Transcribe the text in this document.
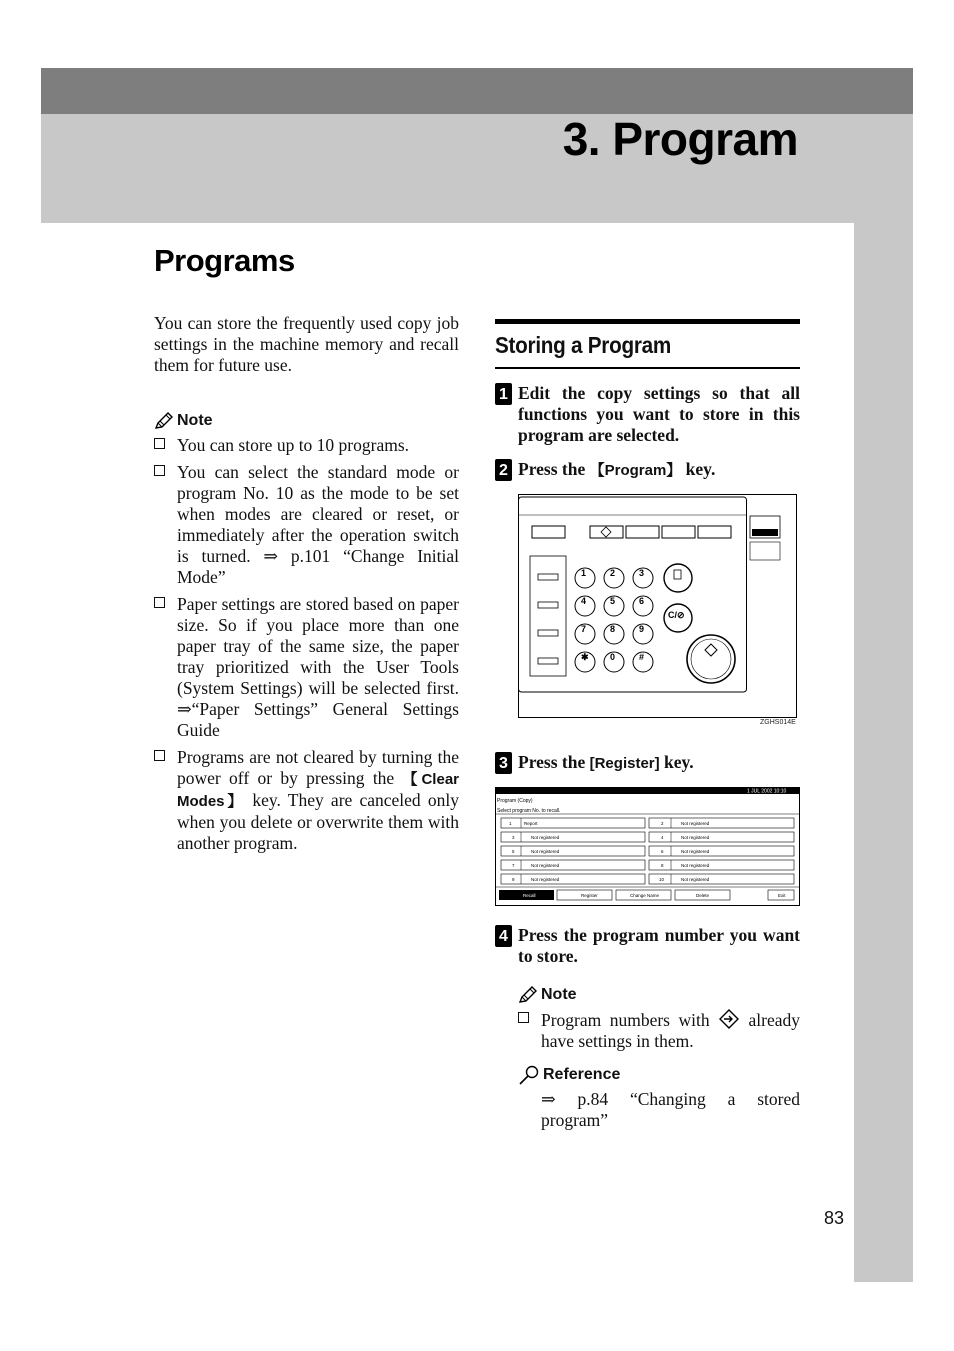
3. Program
Programs

You can store the frequently used copy job settings in the machine memory and recall them for future use.

Note
You can store up to 10 programs.
You can select the standard mode or program No. 10 as the mode to be set when modes are cleared or reset, or immediately after the operation switch is turned. ⇒ p.101 “Change Initial Mode”
Paper settings are stored based on paper size. So if you place more than one paper tray of the same size, the paper tray prioritized with the User Tools (System Settings) will be selected first. ⇒“Paper Settings” General Settings Guide
Programs are not cleared by turning the power off or by pressing the 【Clear Modes】 key. They are canceled only when you delete or overwrite them with another program.
Storing a Program
1 Edit the copy settings so that all functions you want to store in this program are selected.
2 Press the 【Program】 key.
1	2	3
4	5	6
7	8	9
✱ 0	#
C/⊘
ZGHS014E
3 Press the [Register] key.
1 JUL 2002 10:10
Program (Copy)
Select program No. to recall.
1	Report	2	Not registered
3	Not registered	4	Not registered
5	Not registered	6	Not registered
7	Not registered	8	Not registered
9	Not registered	10	Not registered
Recall	Register	Change Name	Delete	Exit
4 Press the program number you want to store.
Note
Program numbers with already have settings in them.
Reference
⇒ p.84 “Changing a stored program”
83
